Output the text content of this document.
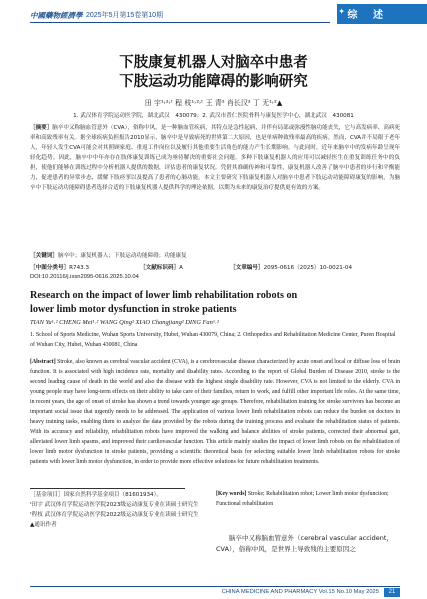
中國藥物經濟學 2025年5月第15卷第10期	✦ 综 述
下肢康复机器人对脑卒中患者
下肢运动功能障碍的影响研究
田 宇¹˒²˒ᵗ 程 枝¹˒²˒ᵗ 王 青² 肖长汉² 丁 无¹˒²▲
1. 武汉体育学院运动医学院，湖北武汉　430079；2. 武汉市普仁医院骨科与康复医学中心，湖北武汉　430081
［摘要］脑卒中又称脑血管意外（CVA），俗称中风，是一种脑血管疾病，其特点是急性起病，并伴有局部或弥漫性脑功能丧失，它与高发病率、高病死率和高致残率有关。据全球疾病负担报告2010显示，脑卒中是导致病死的世界第二大原因，也是单病种致残率最高的疾病。然而，CVA并不局限于老年人，年轻人发生CVA可能会对其照顾家庭、重返工作岗位以及履行其他重要生活角色的能力产生长期影响。与此同时，近年来脑卒中的发病年龄呈现年轻化趋势。因此，脑卒中中年亦存在肢体康复训练已成为亟待解决的重要社会问题。多种下肢康复机器人的应用可以减轻医生在重复训练任务中的负担，使他们能够在训练过程中分析机器人提供的数据，评估患者的康复状况。凭借其准确传神和可靠性，康复机器人改善了脑卒中患者的步行和平衡能力，促进患者的异常步态，缓解下肢痉挛以及提高了患者的心肺功能。本文主要研究下肢康复机器人对脑卒中患者下肢运动功能障碍康复的影响，为脑卒中下肢运动功能障碍患者选择合适的下肢康复机器人提供科学的理论依据，以期为未来的康复治疗提供更有效的方案。
［关键词］脑卒中；康复机器人；下肢运动功能障碍；功能康复
［中图分类号］R743.3	［文献标识码］A	［文章编号］2095-0616（2025）10-0021-04
DOI:10.20116/j.issn2095-0616.2025.10.04
Research on the impact of lower limb rehabilitation robots on
lower limb motor dysfunction in stroke patients
TIAN Yu¹˒² CHENG Mei¹˒² WANG Qing² XIAO Changjiang² DING Fan¹˒²
1. School of Sports Medicine, Wuhan Sports University, Hubei, Wuhan 430079, China; 2. Orthopedics and Rehabilitation Medicine Center, Puren Hospital of Wuhan City, Hubei, Wuhan 430081, China
[Abstract] Stroke, also known as cerebral vascular accident (CVA), is a cerebrovascular disease characterized by acute onset and local or diffuse loss of brain function. It is associated with high incidence rate, mortality and disability rates. According to the report of Global Burden of Disease 2010, stroke is the second leading cause of death in the world and also the disease with the highest single disability rate. However, CVA is not limited to the elderly. CVA in young people may have long-term effects on their ability to take care of their families, return to work, and fulfill other important life roles. At the same time, in recent years, the age of onset of stroke has shown a trend towards younger age groups. Therefore, rehabilitation training for stroke survivors has become an important social issue that urgently needs to be addressed. The application of various lower limb rehabilitation robots can reduce the burden on doctors in heavy training tasks, enabling them to analyze the data provided by the robots during the training process and evaluate the rehabilitation status of patients. With its accuracy and reliability, rehabilitation robots have improved the walking and balance abilities of stroke patients, corrected their abnormal gait, alleviated lower limb spasms, and improved their cardiovascular function. This article mainly studies the impact of lower limb robots on the rehabilitation of lower limb motor dysfunction in stroke patients, providing a scientific theoretical basis for selecting suitable lower limb rehabilitation robots for stroke patients with lower limb motor dysfunction, in order to provide more effective solutions for future rehabilitation treatments.
［基金项目］国家自然科学基金项目（81601934）。
ᵗ田宇 武汉体育学院运动医学院2023级运动康复专业在读硕士研究生
ᵗ程枝 武汉体育学院运动医学院2022级运动康复专业在读硕士研究生
▲通讯作者
[Key words] Stroke; Rehabilitation robot; Lower limb motor dysfunction; Functional rehabilitation
脑卒中又称脑血管意外（cerebral vascular accident，
CVA），俗称中风，是世界上导致残的主要原因之
CHINA MEDICINE AND PHARMACY Vol.15 No.10 May 2025	21
